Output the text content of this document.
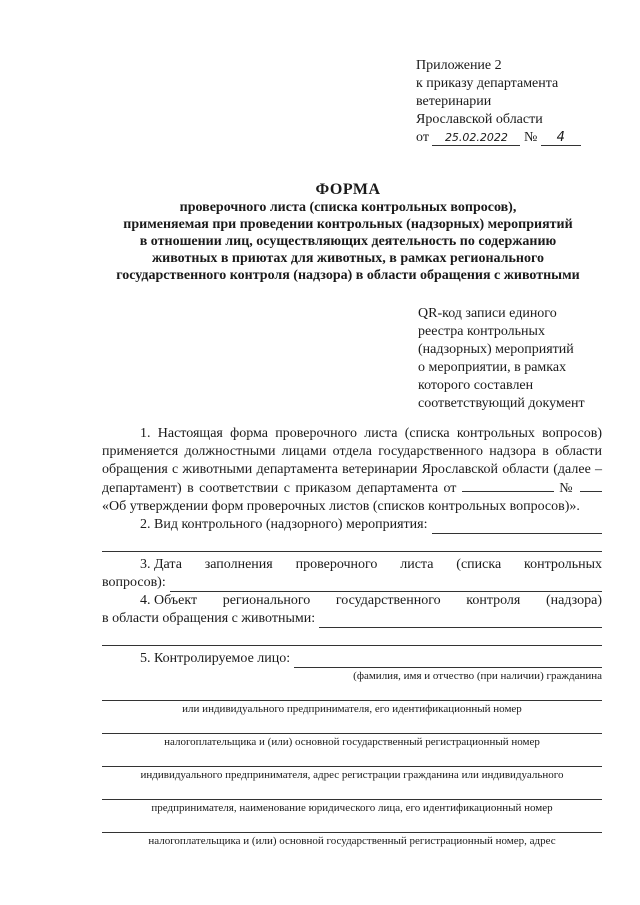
Приложение 2
к приказу департамента
ветеринарии
Ярославской области
от 25.02.2022 № 4
ФОРМА
проверочного листа (списка контрольных вопросов),
применяемая при проведении контрольных (надзорных) мероприятий
в отношении лиц, осуществляющих деятельность по содержанию
животных в приютах для животных, в рамках регионального
государственного контроля (надзора) в области обращения с животными
QR-код записи единого
реестра контрольных
(надзорных) мероприятий
о мероприятии, в рамках
которого составлен
соответствующий документ

1. Настоящая форма проверочного листа (списка контрольных вопросов) применяется должностными лицами отдела государственного надзора в области обращения с животными департамента ветеринарии Ярославской области (далее – департамент) в соответствии с приказом департамента от	№  «Об утверждении форм проверочных листов (списков контрольных вопросов)».

2. Вид контрольного (надзорного) мероприятия:
3. Дата заполнения проверочного листа (списка контрольных
вопросов):
4. Объект регионального государственного контроля (надзора)
в области обращения с животными:
5. Контролируемое лицо:
(фамилия, имя и отчество (при наличии) гражданина
или индивидуального предпринимателя, его идентификационный номер
налогоплательщика и (или) основной государственный регистрационный номер
индивидуального предпринимателя, адрес регистрации гражданина или индивидуального
предпринимателя, наименование юридического лица, его идентификационный номер
налогоплательщика и (или) основной государственный регистрационный номер, адрес
